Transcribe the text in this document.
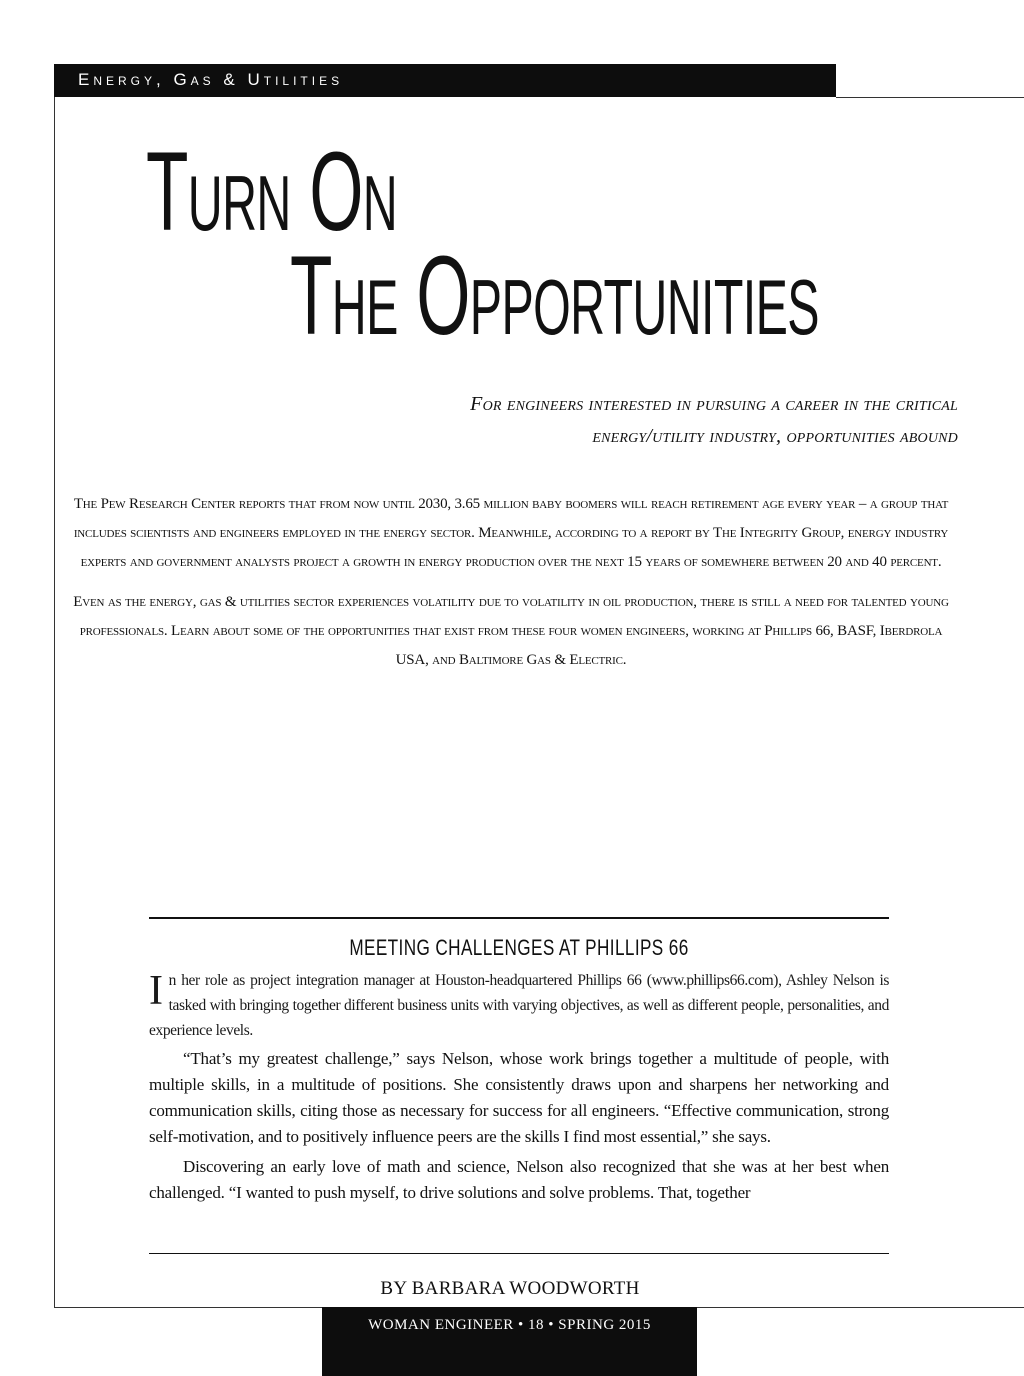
Energy, Gas & Utilities
Turn On
The Opportunities
For engineers interested in pursuing a career in the critical
energy/utility industry, opportunities abound

The Pew Research Center reports that from now until 2030, 3.65 million baby boomers will reach retirement age every year – a group that includes scientists and engineers employed in the energy sector. Meanwhile, according to a report by The Integrity Group, energy industry experts and government analysts project a growth in energy production over the next 15 years of somewhere between 20 and 40 percent.

Even as the energy, gas & utilities sector experiences volatility due to volatility in oil production, there is still a need for talented young professionals. Learn about some of the opportunities that exist from these four women engineers, working at Phillips 66, BASF, Iberdrola USA, and Baltimore Gas & Electric.

MEETING CHALLENGES AT PHILLIPS 66
I n her role as project integration manager at Houston-headquartered Phillips 66 (www.phillips66.com), Ashley Nelson is tasked with bringing together different business units with varying objectives, as well as different people, personalities, and experience levels.

“That’s my greatest challenge,” says Nelson, whose work brings together a multitude of people, with multiple skills, in a multitude of positions. She consistently draws upon and sharpens her networking and communication skills, citing those as necessary for success for all engineers. “Effective communication, strong self-motivation, and to positively influence peers are the skills I find most essential,” she says.

Discovering an early love of math and science, Nelson also recognized that she was at her best when challenged. “I wanted to push myself, to drive solutions and solve problems. That, together

BY BARBARA WOODWORTH
WOMAN ENGINEER • 18 • SPRING 2015
